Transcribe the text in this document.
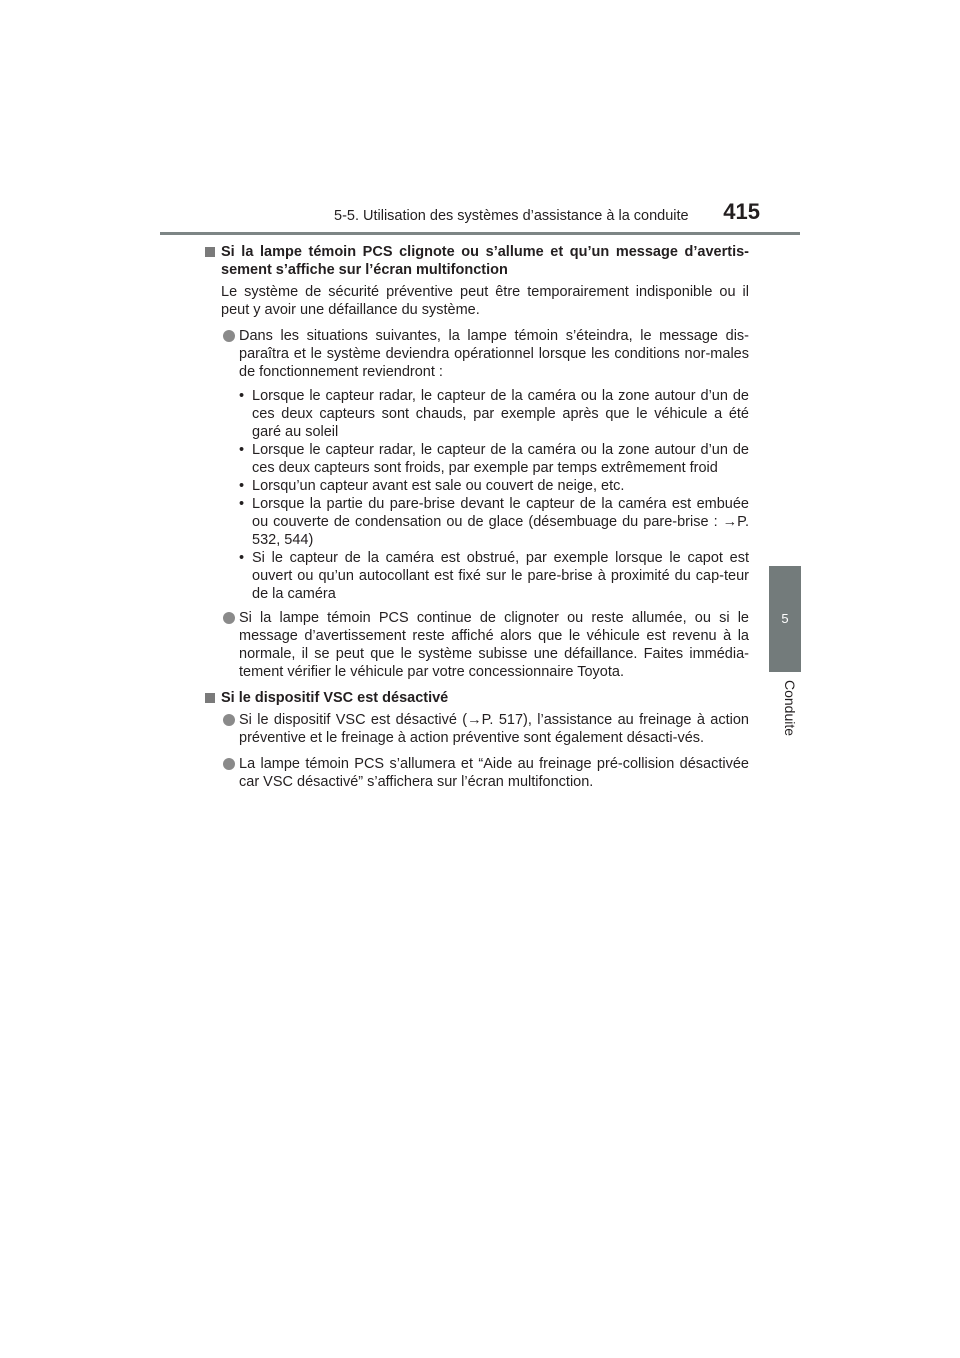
5-5. Utilisation des systèmes d’assistance à la conduite	415
5
Conduite
Si la lampe témoin PCS clignote ou s’allume et qu’un message d’avertis-sement s’affiche sur l’écran multifonction

Le système de sécurité préventive peut être temporairement indisponible ou il peut y avoir une défaillance du système.

Dans les situations suivantes, la lampe témoin s’éteindra, le message dis-paraîtra et le système deviendra opérationnel lorsque les conditions nor-males de fonctionnement reviendront :
• Lorsque le capteur radar, le capteur de la caméra ou la zone autour d’un de ces deux capteurs sont chauds, par exemple après que le véhicule a été garé au soleil
• Lorsque le capteur radar, le capteur de la caméra ou la zone autour d’un de ces deux capteurs sont froids, par exemple par temps extrêmement froid
• Lorsqu’un capteur avant est sale ou couvert de neige, etc.
• Lorsque la partie du pare-brise devant le capteur de la caméra est embuée ou couverte de condensation ou de glace (désembuage du pare-brise : →P. 532, 544)
• Si le capteur de la caméra est obstrué, par exemple lorsque le capot est ouvert ou qu’un autocollant est fixé sur le pare-brise à proximité du cap-teur de la caméra
Si la lampe témoin PCS continue de clignoter ou reste allumée, ou si le message d’avertissement reste affiché alors que le véhicule est revenu à la normale, il se peut que le système subisse une défaillance. Faites immédia-tement vérifier le véhicule par votre concessionnaire Toyota.
Si le dispositif VSC est désactivé
Si le dispositif VSC est désactivé (→P. 517), l’assistance au freinage à action préventive et le freinage à action préventive sont également désacti-vés.
La lampe témoin PCS s’allumera et “Aide au freinage pré-collision désactivée car VSC désactivé” s’affichera sur l’écran multifonction.
